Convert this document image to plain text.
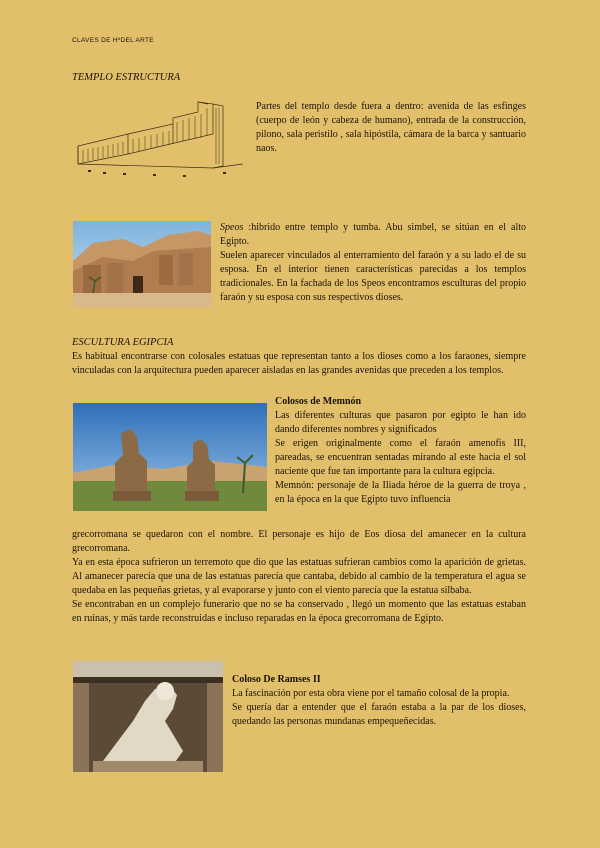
CLAVES DE HºDEL ARTE
TEMPLO ESTRUCTURA
Partes del templo desde fuera a dentro: avenida de las esfinges (cuerpo de león y cabeza de humano), entrada de la construcción, pilono, sala peristilo , sala hipóstila, cámara de la barca y santuario naos.

Speos :hibrido entre templo y tumba. Abu simbel, se sitúan en el alto Egipto.

Suelen aparecer vinculados al enterramiento del faraón y a su lado el de su esposa. En el interior tienen características parecidas a los templos tradicionales. En la fachada de los Speos encontramos esculturas del propio faraón y su esposa con sus respectivos dioses.

ESCULTURA EGIPCIA
Es habitual encontrarse con colosales estatuas que representan tanto a los dioses como a los faraones, siempre vinculadas con la arquitectura pueden aparecer aisladas en las grandes avenidas que preceden a los templos.

Colosos de Memnón

Las diferentes culturas que pasaron por egipto le han ido dando diferentes nombres y significados

Se erigen originalmente como el faraón amenofis III, pareadas, se encuentran sentadas mirando al este hacia el sol naciente que fue tan importante para la cultura egipcia.

Memnón: personaje de la Iliada héroe de la guerra de troya , en la época en la que Egipto tuvo influencia

grecorromana se quedaron con el nombre. El personaje es hijo de Eos diosa del amanecer en la cultura grecorromana.

Ya en esta época sufrieron un terremoto que dio que las estatuas sufrieran cambios como la aparición de grietas. Al amanecer parecía que una de las estatuas parecía que cantaba, debido al cambio de la temperatura el agua se quedaba en las pequeñas grietas, y al evaporarse y junto con el viento parecía que la estatua silbaba.

Se encontraban en un complejo funerario que no se ha conservado , llegó un momento que las estatuas estaban en ruinas, y más tarde reconstruidas e incluso reparadas en la época grecorromana de Egipto.

Coloso De Ramses II

La fascinación por esta obra viene por el tamaño colosal de la propia.

Se quería dar a entender que el faraón estaba a la par de los dioses, quedando las personas mundanas empequeñecidas.
